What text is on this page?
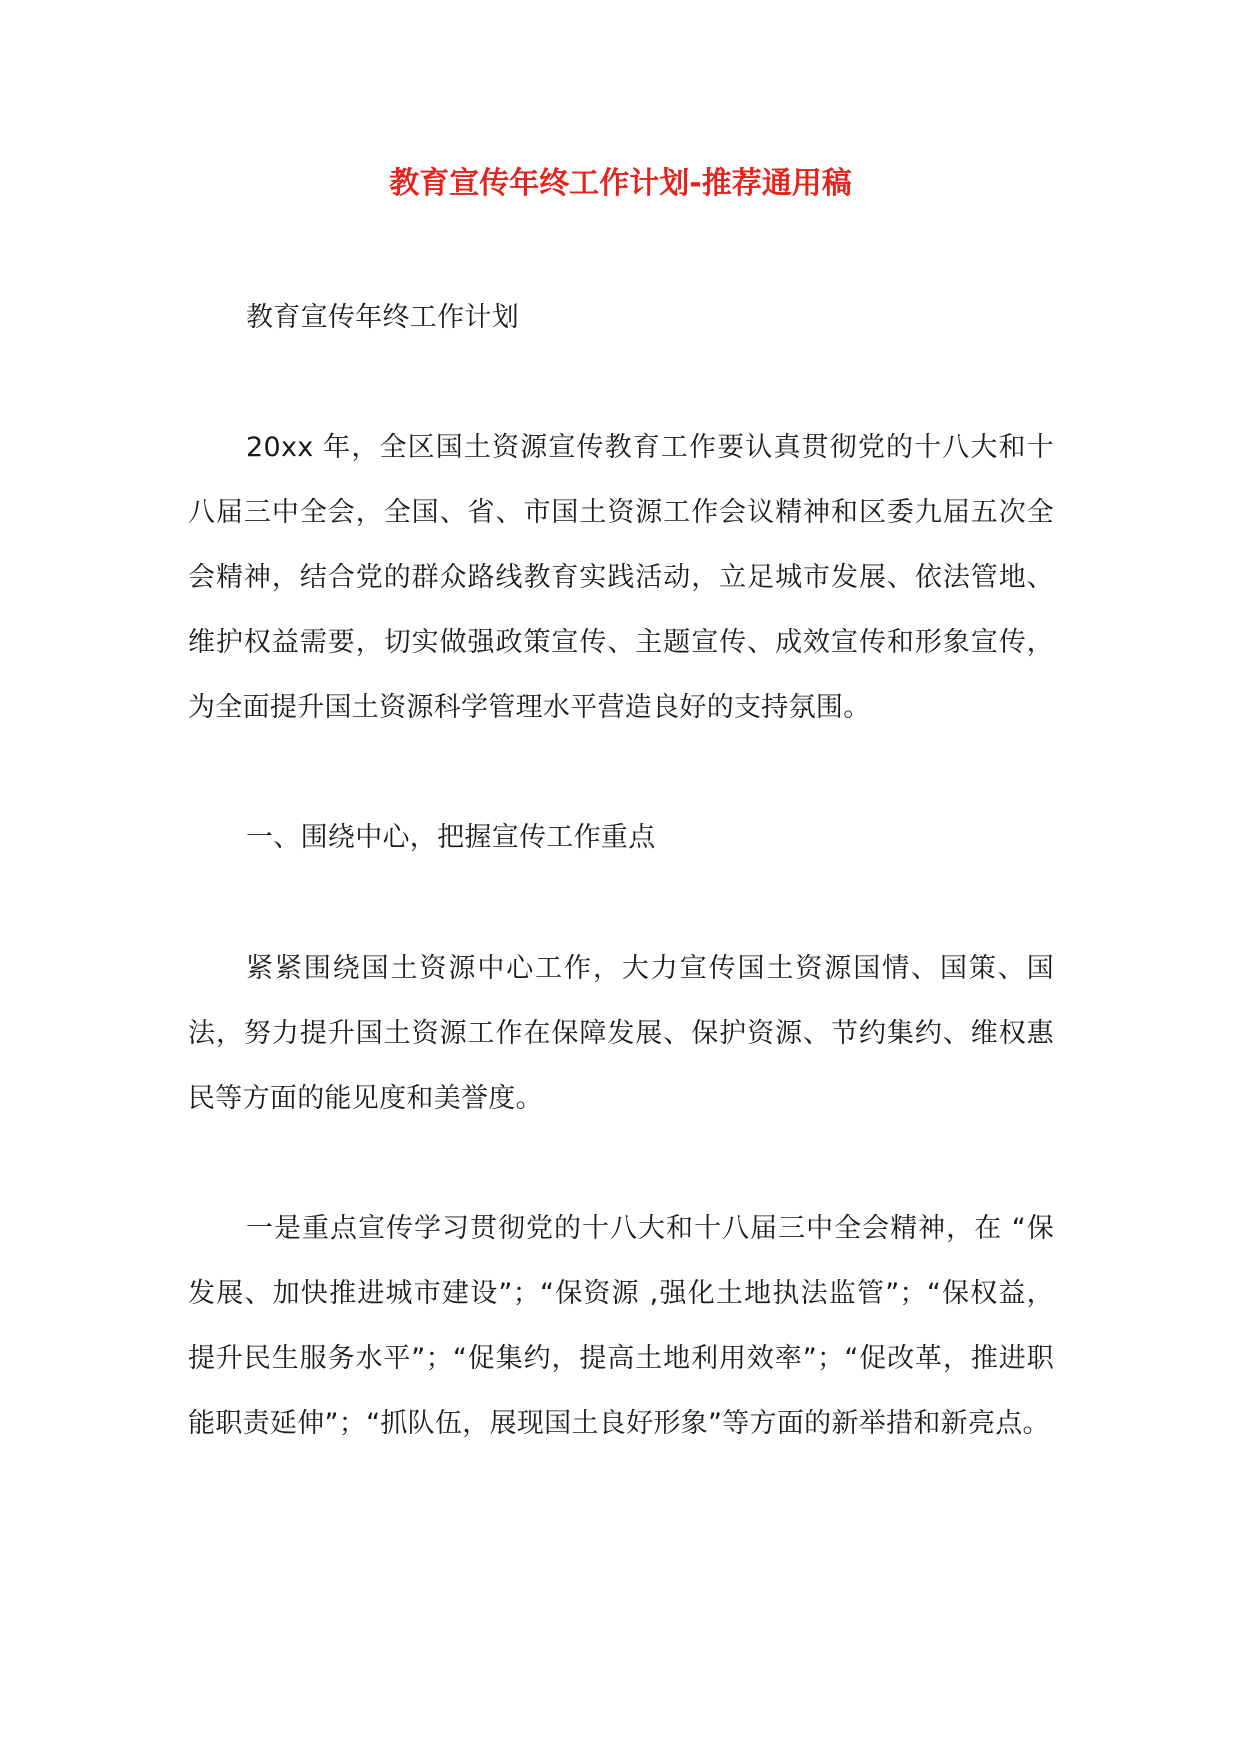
教育宣传年终工作计划-推荐通用稿

教育宣传年终工作计划

20xx 年，全区国土资源宣传教育工作要认真贯彻党的十八大和十八届三中全会，全国、省、市国土资源工作会议精神和区委九届五次全会精神，结合党的群众路线教育实践活动，立足城市发展、依法管地、维护权益需要，切实做强政策宣传、主题宣传、成效宣传和形象宣传，为全面提升国土资源科学管理水平营造良好的支持氛围。

一、围绕中心，把握宣传工作重点

紧紧围绕国土资源中心工作，大力宣传国土资源国情、国策、国法，努力提升国土资源工作在保障发展、保护资源、节约集约、维权惠民等方面的能见度和美誉度。

一是重点宣传学习贯彻党的十八大和十八届三中全会精神，在 “保发展、加快推进城市建设”；“保资源 ,强化土地执法监管”；“保权益，提升民生服务水平”；“促集约，提高土地利用效率”；“促改革，推进职能职责延伸”；“抓队伍，展现国土良好形象”等方面的新举措和新亮点。
